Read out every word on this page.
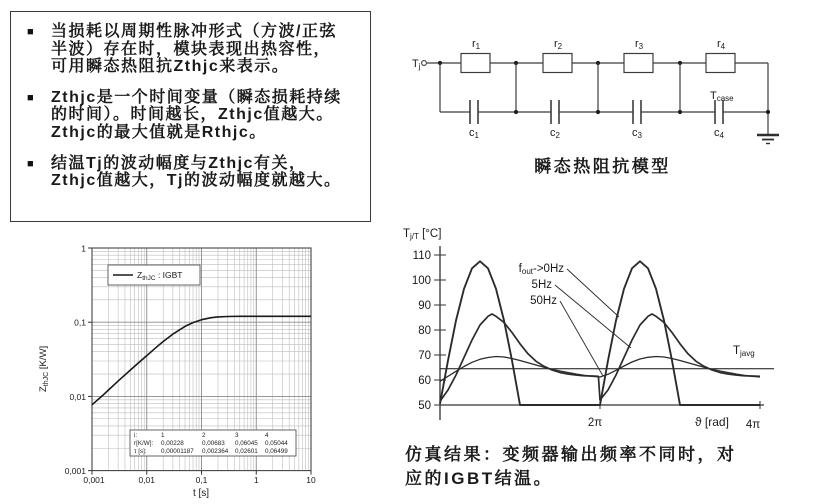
■	当损耗以周期性脉冲形式（方波/正弦
半波）存在时，模块表现出热容性，
可用瞬态热阻抗Zthjc来表示。
■	Zthjc是一个时间变量（瞬态损耗持续
的时间）。时间越长，Zthjc值越大。
Zthjc的最大值就是Rthjc。
■	结温Tj的波动幅度与Zthjc有关，
Zthjc值越大，Tj的波动幅度就越大。
Tj
r1	r2	r3	r4
c1	c2	c3	c4
Tcase
瞬态热阻抗模型
1
0,1
0,01
0,001
0,001	0,01	0,1	1	10
t [s]
$Z_{thJC}$ [K/W]
$Z_{thJC}$ : IGBT
i:	1	2	3	4
r[K/W]: 0,00228	0,00683 0,06045 0,05044
τ [s]: 0,00001187 0,002364 0,02601 0,06499
Tj/T [°C]
110
100
90
80
70
60
50
2π	4π
ϑ [rad]
Tjavg
fout->0Hz
5Hz
50Hz
仿真结果：变频器输出频率不同时，对
应的IGBT结温。
